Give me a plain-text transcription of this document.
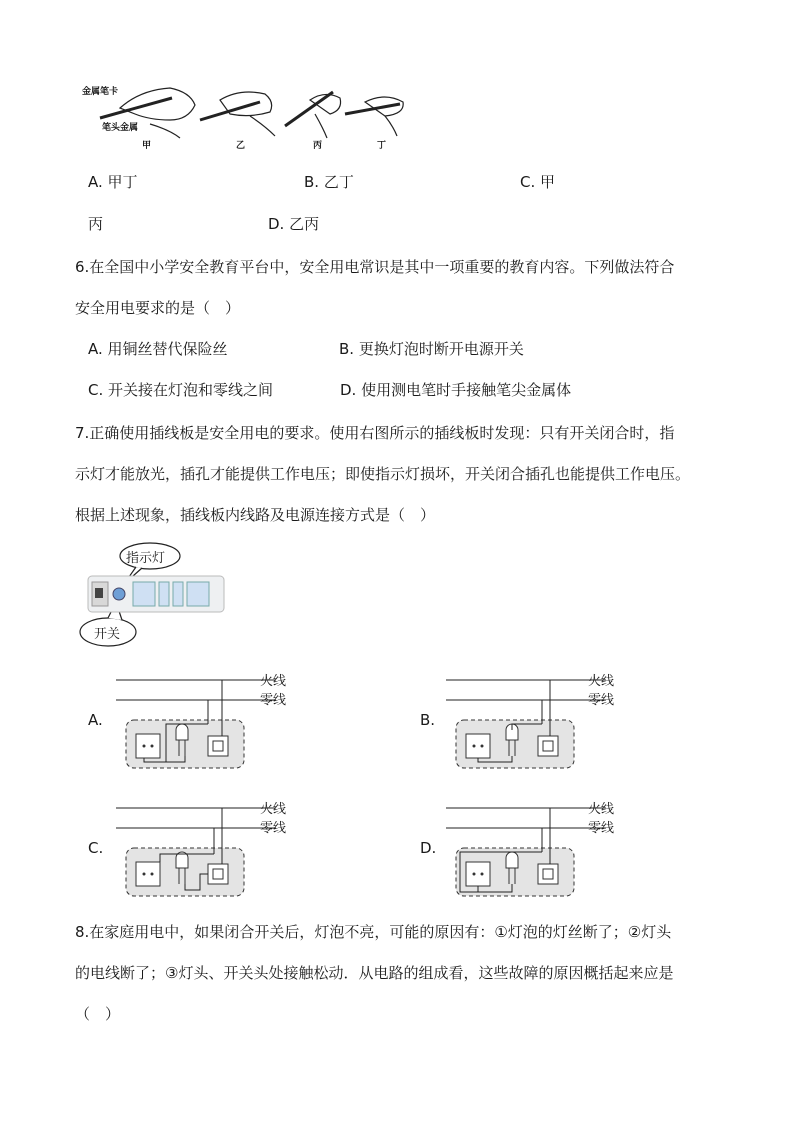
金属笔卡
笔头金属
甲	乙	丙	丁
A. 甲丁	B. 乙丁	C. 甲
丙	D. 乙丙
6.在全国中小学安全教育平台中，安全用电常识是其中一项重要的教育内容。下列做法符合
安全用电要求的是（　）
A. 用铜丝替代保险丝	B. 更换灯泡时断开电源开关
C. 开关接在灯泡和零线之间	D. 使用测电笔时手接触笔尖金属体
7.正确使用插线板是安全用电的要求。使用右图所示的插线板时发现：只有开关闭合时，指
示灯才能放光，插孔才能提供工作电压；即使指示灯损坏，开关闭合插孔也能提供工作电压。
根据上述现象，插线板内线路及电源连接方式是（　）
指示灯
开关
A.
火线
零线
B.
火线
零线
C.
火线
零线
D.
火线
零线
8.在家庭用电中，如果闭合开关后，灯泡不亮，可能的原因有：①灯泡的灯丝断了；②灯头
的电线断了；③灯头、开关头处接触松动．从电路的组成看，这些故障的原因概括起来应是
（　）
